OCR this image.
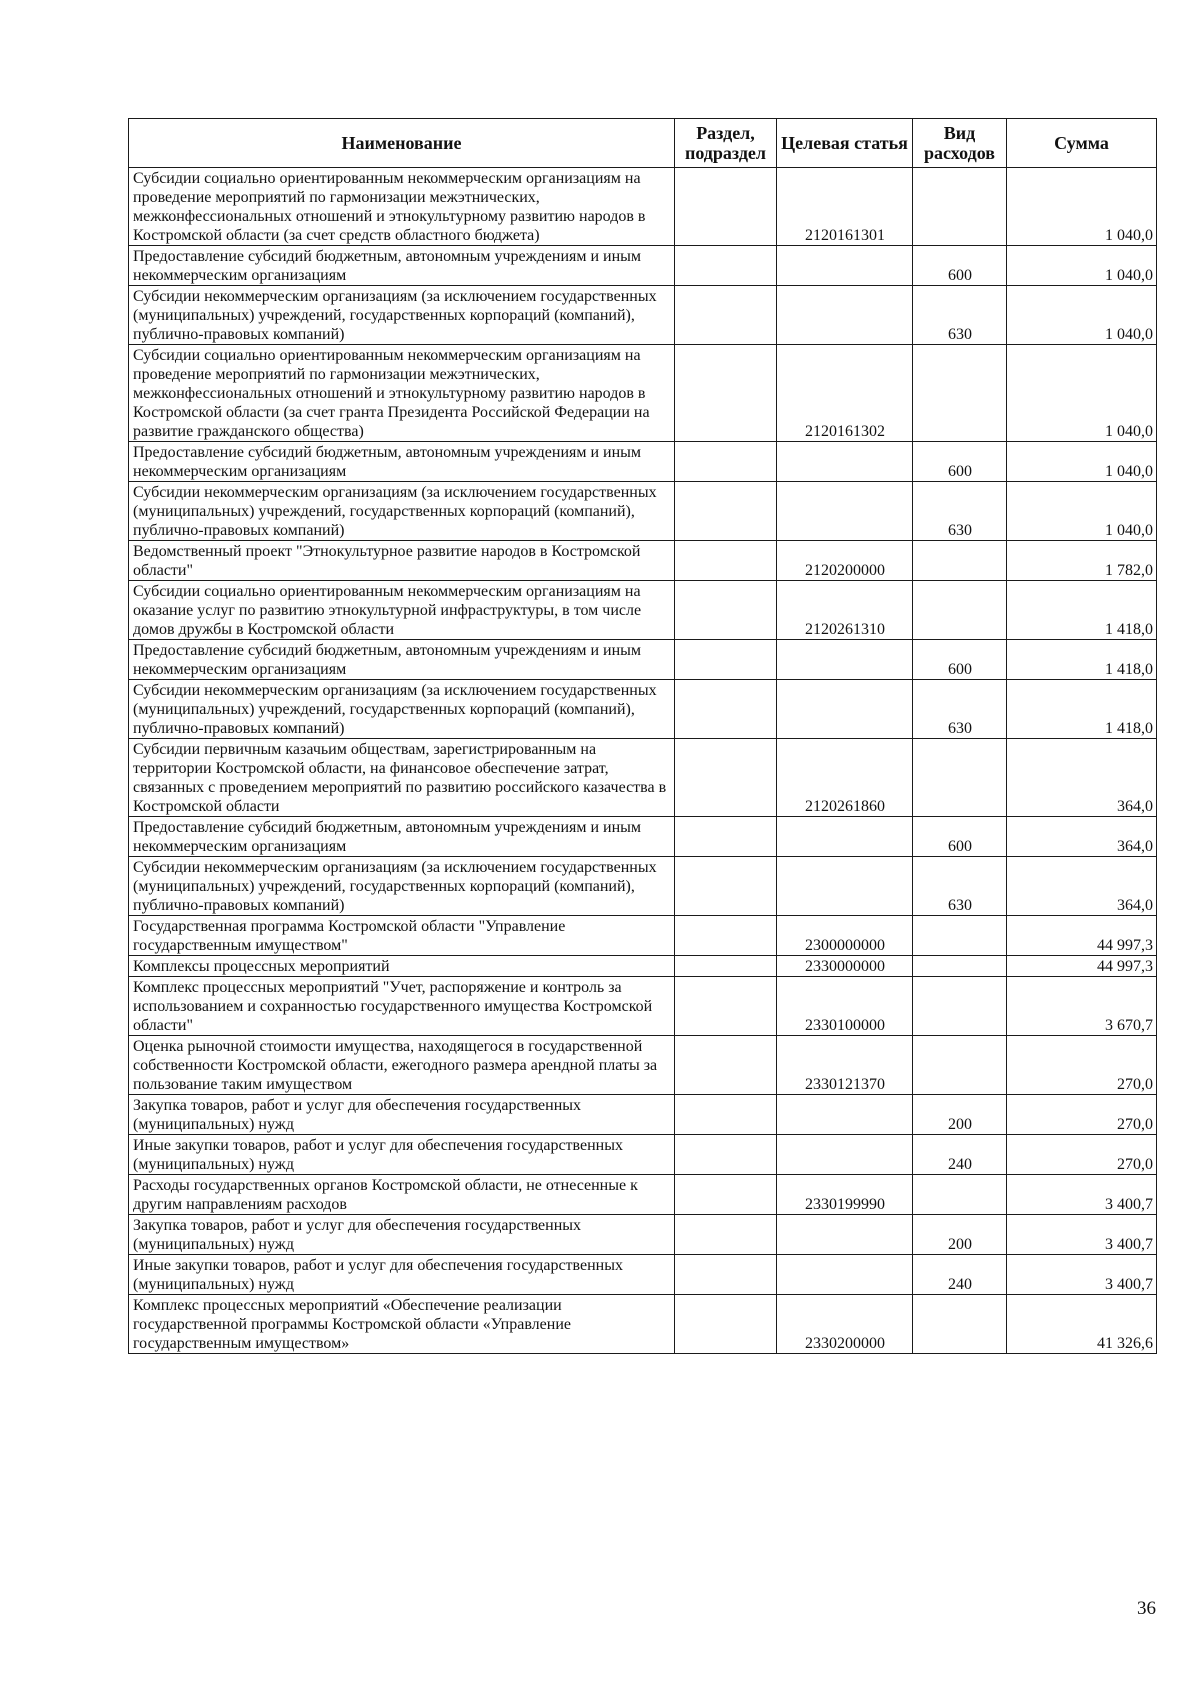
Наименование	Раздел, подраздел	Целевая статья	Вид расходов	Сумма
Субсидии социально ориентированным некоммерческим организациям на проведение мероприятий по гармонизации межэтнических, межконфессиональных отношений и этнокультурному развитию народов в Костромской области (за счет средств областного бюджета)		2120161301		1 040,0
Предоставление субсидий бюджетным, автономным учреждениям и иным некоммерческим организациям			600	1 040,0
Субсидии некоммерческим организациям (за исключением государственных (муниципальных) учреждений, государственных корпораций (компаний), публично-правовых компаний)			630	1 040,0
Субсидии социально ориентированным некоммерческим организациям на проведение мероприятий по гармонизации межэтнических, межконфессиональных отношений и этнокультурному развитию народов в Костромской области (за счет гранта Президента Российской Федерации на развитие гражданского общества)		2120161302		1 040,0
Предоставление субсидий бюджетным, автономным учреждениям и иным некоммерческим организациям			600	1 040,0
Субсидии некоммерческим организациям (за исключением государственных (муниципальных) учреждений, государственных корпораций (компаний), публично-правовых компаний)			630	1 040,0
Ведомственный проект "Этнокультурное развитие народов в Костромской области"		2120200000		1 782,0
Субсидии социально ориентированным некоммерческим организациям на оказание услуг по развитию этнокультурной инфраструктуры, в том числе домов дружбы в Костромской области		2120261310		1 418,0
Предоставление субсидий бюджетным, автономным учреждениям и иным некоммерческим организациям			600	1 418,0
Субсидии некоммерческим организациям (за исключением государственных (муниципальных) учреждений, государственных корпораций (компаний), публично-правовых компаний)			630	1 418,0
Субсидии первичным казачьим обществам, зарегистрированным на территории Костромской области, на финансовое обеспечение затрат, связанных с проведением мероприятий по развитию российского казачества в Костромской области		2120261860		364,0
Предоставление субсидий бюджетным, автономным учреждениям и иным некоммерческим организациям			600	364,0
Субсидии некоммерческим организациям (за исключением государственных (муниципальных) учреждений, государственных корпораций (компаний), публично-правовых компаний)			630	364,0
Государственная программа Костромской области "Управление государственным имуществом"		2300000000		44 997,3
Комплексы процессных мероприятий		2330000000		44 997,3
Комплекс процессных мероприятий "Учет, распоряжение и контроль за использованием и сохранностью государственного имущества Костромской области"		2330100000		3 670,7
Оценка рыночной стоимости имущества, находящегося в государственной собственности Костромской области, ежегодного размера арендной платы за пользование таким имуществом		2330121370		270,0
Закупка товаров, работ и услуг для обеспечения государственных (муниципальных) нужд			200	270,0
Иные закупки товаров, работ и услуг для обеспечения государственных (муниципальных) нужд			240	270,0
Расходы государственных органов Костромской области, не отнесенные к другим направлениям расходов		2330199990		3 400,7
Закупка товаров, работ и услуг для обеспечения государственных (муниципальных) нужд			200	3 400,7
Иные закупки товаров, работ и услуг для обеспечения государственных (муниципальных) нужд			240	3 400,7
Комплекс процессных мероприятий «Обеспечение реализации государственной программы Костромской области «Управление государственным имуществом»		2330200000		41 326,6
36
